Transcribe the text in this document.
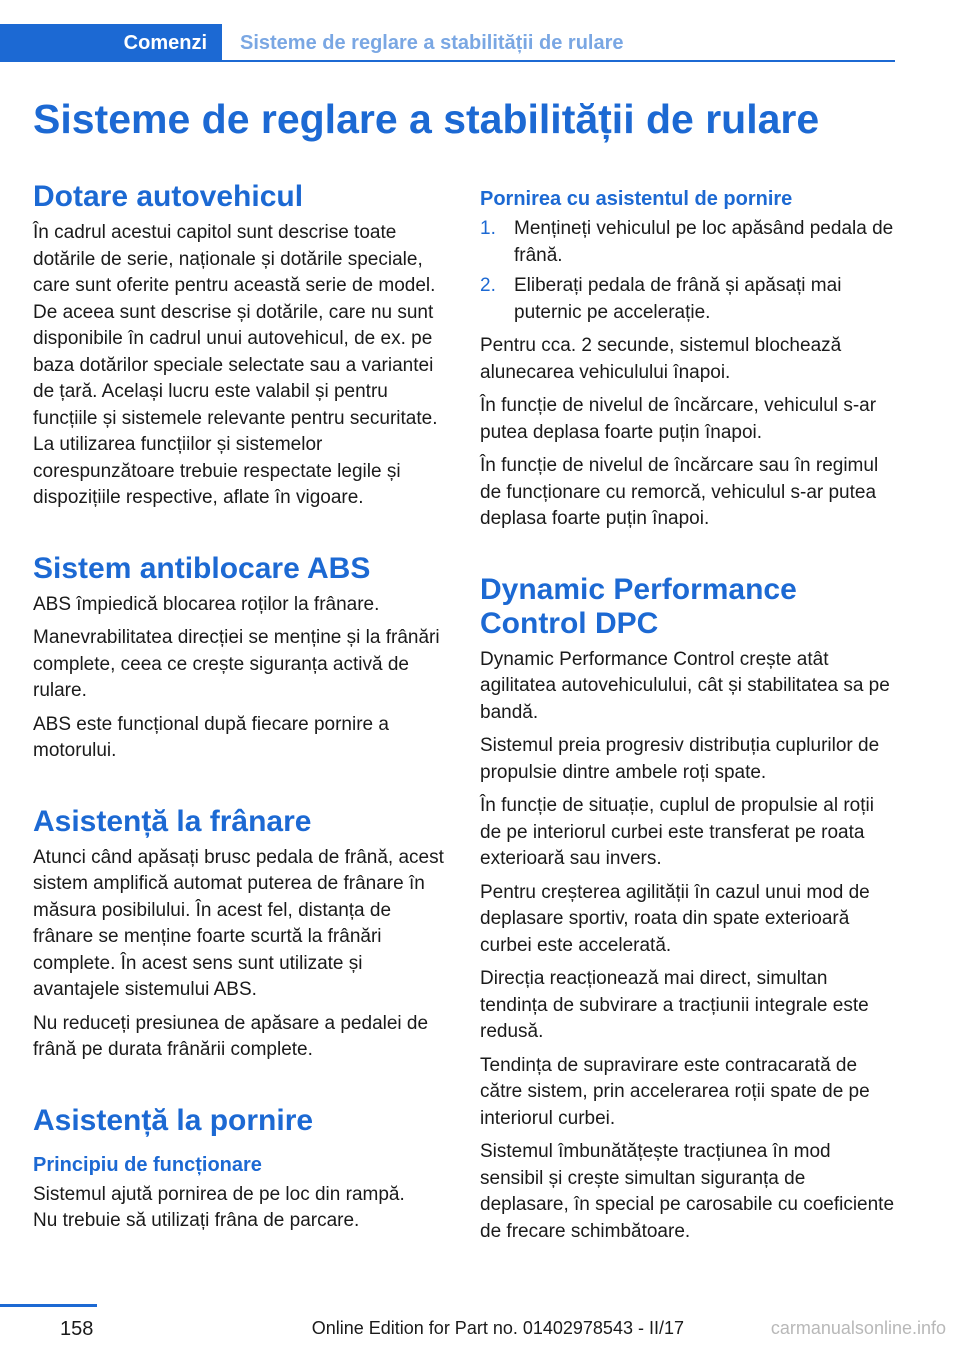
Comenzi	Sisteme de reglare a stabilității de rulare
Sisteme de reglare a stabilității de rulare
Dotare autovehicul

În cadrul acestui capitol sunt descrise toate dotările de serie, naționale și dotările speciale, care sunt oferite pentru această serie de model. De aceea sunt descrise și dotările, care nu sunt disponibile în cadrul unui autovehicul, de ex. pe baza dotărilor speciale selectate sau a variantei de țară. Același lucru este valabil și pentru funcțiile și sistemele relevante pentru securitate. La utilizarea funcțiilor și sistemelor corespunzătoare trebuie respectate legile și dispozițiile respective, aflate în vigoare.

Sistem antiblocare ABS

ABS împiedică blocarea roților la frânare.

Manevrabilitatea direcției se menține și la frânări complete, ceea ce crește siguranța activă de rulare.

ABS este funcțional după fiecare pornire a motorului.

Asistență la frânare

Atunci când apăsați brusc pedala de frână, acest sistem amplifică automat puterea de frânare în măsura posibilului. În acest fel, distanța de frânare se menține foarte scurtă la frânări complete. În acest sens sunt utilizate și avantajele sistemului ABS.

Nu reduceți presiunea de apăsare a pedalei de frână pe durata frânării complete.

Asistență la pornire
Principiu de funcționare

Sistemul ajută pornirea de pe loc din rampă.

Nu trebuie să utilizați frâna de parcare.

Pornirea cu asistentul de pornire
1. Mențineți vehiculul pe loc apăsând pedala de frână.
2. Eliberați pedala de frână și apăsați mai puternic pe accelerație.

Pentru cca. 2 secunde, sistemul blochează alunecarea vehiculului înapoi.

În funcție de nivelul de încărcare, vehiculul s-ar putea deplasa foarte puțin înapoi.

În funcție de nivelul de încărcare sau în regimul de funcționare cu remorcă, vehiculul s-ar putea deplasa foarte puțin înapoi.

Dynamic Performance Control DPC

Dynamic Performance Control crește atât agilitatea autovehiculului, cât și stabilitatea sa pe bandă.

Sistemul preia progresiv distribuția cuplurilor de propulsie dintre ambele roți spate.

În funcție de situație, cuplul de propulsie al roții de pe interiorul curbei este transferat pe roata exterioară sau invers.

Pentru creșterea agilității în cazul unui mod de deplasare sportiv, roata din spate exterioară curbei este accelerată.

Direcția reacționează mai direct, simultan tendința de subvirare a tracțiunii integrale este redusă.

Tendința de supravirare este contracarată de către sistem, prin accelerarea roții spate de pe interiorul curbei.

Sistemul îmbunătățește tracțiunea în mod sensibil și crește simultan siguranța de deplasare, în special pe carosabile cu coeficiente de frecare schimbătoare.

158	Online Edition for Part no. 01402978543 - II/17	carmanualsonline.info
